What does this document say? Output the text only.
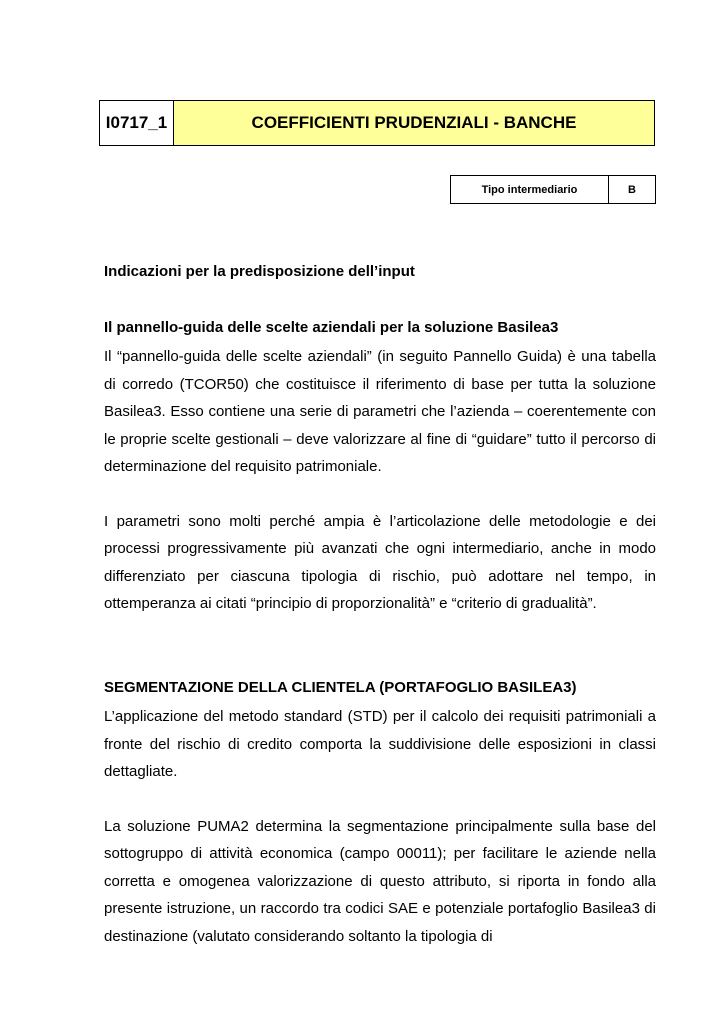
I0717_1	COEFFICIENTI PRUDENZIALI - BANCHE
Tipo intermediario	B

Indicazioni per la predisposizione dell’input

Il pannello-guida delle scelte aziendali per la soluzione Basilea3

Il “pannello-guida delle scelte aziendali” (in seguito Pannello Guida) è una tabella di corredo (TCOR50) che costituisce il riferimento di base per tutta la soluzione Basilea3. Esso contiene una serie di parametri che l’azienda – coerentemente con le proprie scelte gestionali – deve valorizzare al fine di “guidare” tutto il percorso di determinazione del requisito patrimoniale.

I parametri sono molti perché ampia è l’articolazione delle metodologie e dei processi progressivamente più avanzati che ogni intermediario, anche in modo differenziato per ciascuna tipologia di rischio, può adottare nel tempo, in ottemperanza ai citati “principio di proporzionalità” e “criterio di gradualità”.

SEGMENTAZIONE DELLA CLIENTELA (PORTAFOGLIO BASILEA3)

L’applicazione del metodo standard (STD) per il calcolo dei requisiti patrimoniali a fronte del rischio di credito comporta la suddivisione delle esposizioni in classi dettagliate.

La soluzione PUMA2 determina la segmentazione principalmente sulla base del sottogruppo di attività economica (campo 00011); per facilitare le aziende nella corretta e omogenea valorizzazione di questo attributo, si riporta in fondo alla presente istruzione, un raccordo tra codici SAE e potenziale portafoglio Basilea3 di destinazione (valutato considerando soltanto la tipologia di
